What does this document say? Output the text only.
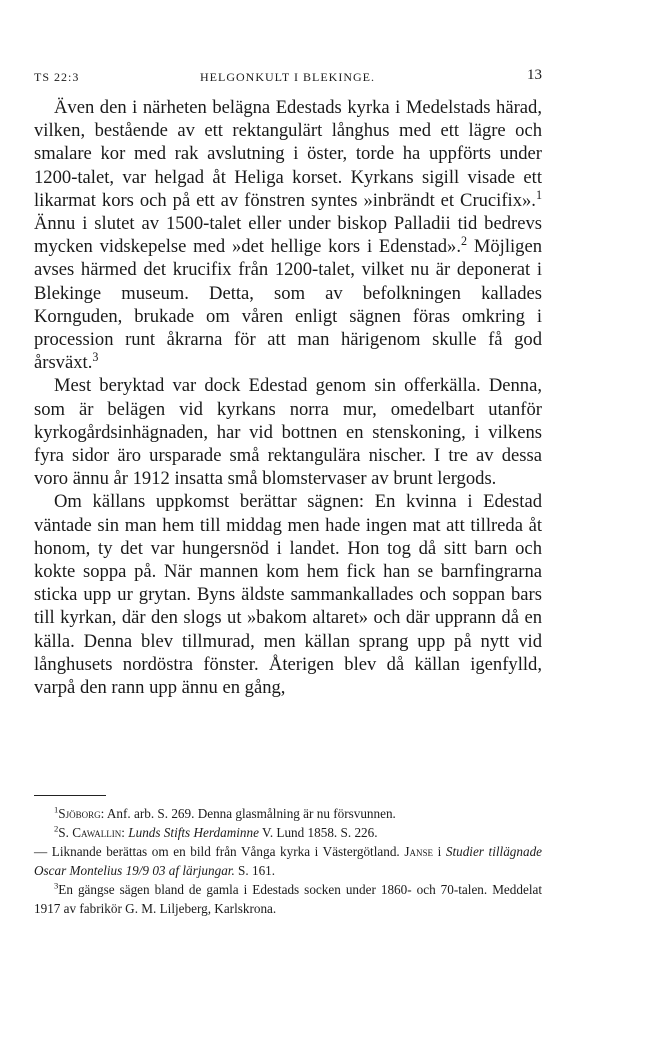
TS 22:3	HELGONKULT I BLEKINGE.	13

Även den i närheten belägna Edestads kyrka i Medelstads härad, vilken, bestående av ett rektangulärt långhus med ett lägre och smalare kor med rak avslutning i öster, torde ha uppförts under 1200-talet, var helgad åt Heliga korset. Kyrkans sigill visade ett likarmat kors och på ett av fönstren syntes »inbrändt et Crucifix».$^1$ Ännu i slutet av 1500-talet eller under biskop Palladii tid bedrevs mycken vidskepelse med »det hellige kors i Edenstad».$^2$ Möjligen avses härmed det krucifix från 1200-talet, vilket nu är deponerat i Blekinge museum. Detta, som av befolkningen kallades Kornguden, brukade om våren enligt sägnen föras omkring i procession runt åkrarna för att man härigenom skulle få god årsväxt.$^3$

Mest beryktad var dock Edestad genom sin offerkälla. Denna, som är belägen vid kyrkans norra mur, omedelbart utanför kyrkogårdsinhägnaden, har vid bottnen en stenskoning, i vilkens fyra sidor äro ursparade små rektangulära nischer. I tre av dessa voro ännu år 1912 insatta små blomstervaser av brunt lergods.

Om källans uppkomst berättar sägnen: En kvinna i Edestad väntade sin man hem till middag men hade ingen mat att tillreda åt honom, ty det var hungersnöd i landet. Hon tog då sitt barn och kokte soppa på. När mannen kom hem fick han se barnfingrarna sticka upp ur grytan. Byns äldste sammankallades och soppan bars till kyrkan, där den slogs ut »bakom altaret» och där upprann då en källa. Denna blev tillmurad, men källan sprang upp på nytt vid långhusets nordöstra fönster. Återigen blev då källan igenfylld, varpå den rann upp ännu en gång,

$^1$Sjöborg: Anf. arb. S. 269. Denna glasmålning är nu försvunnen.

$^2$S. Cawallin: Lunds Stifts Herdaminne V. Lund 1858. S. 226.

— Liknande berättas om en bild från Vånga kyrka i Västergötland. Janse i Studier tillägnade Oscar Montelius 19/9 03 af lärjungar. S. 161.

$^3$En gängse sägen bland de gamla i Edestads socken under 1860- och 70-talen. Meddelat 1917 av fabrikör G. M. Liljeberg, Karlskrona.
